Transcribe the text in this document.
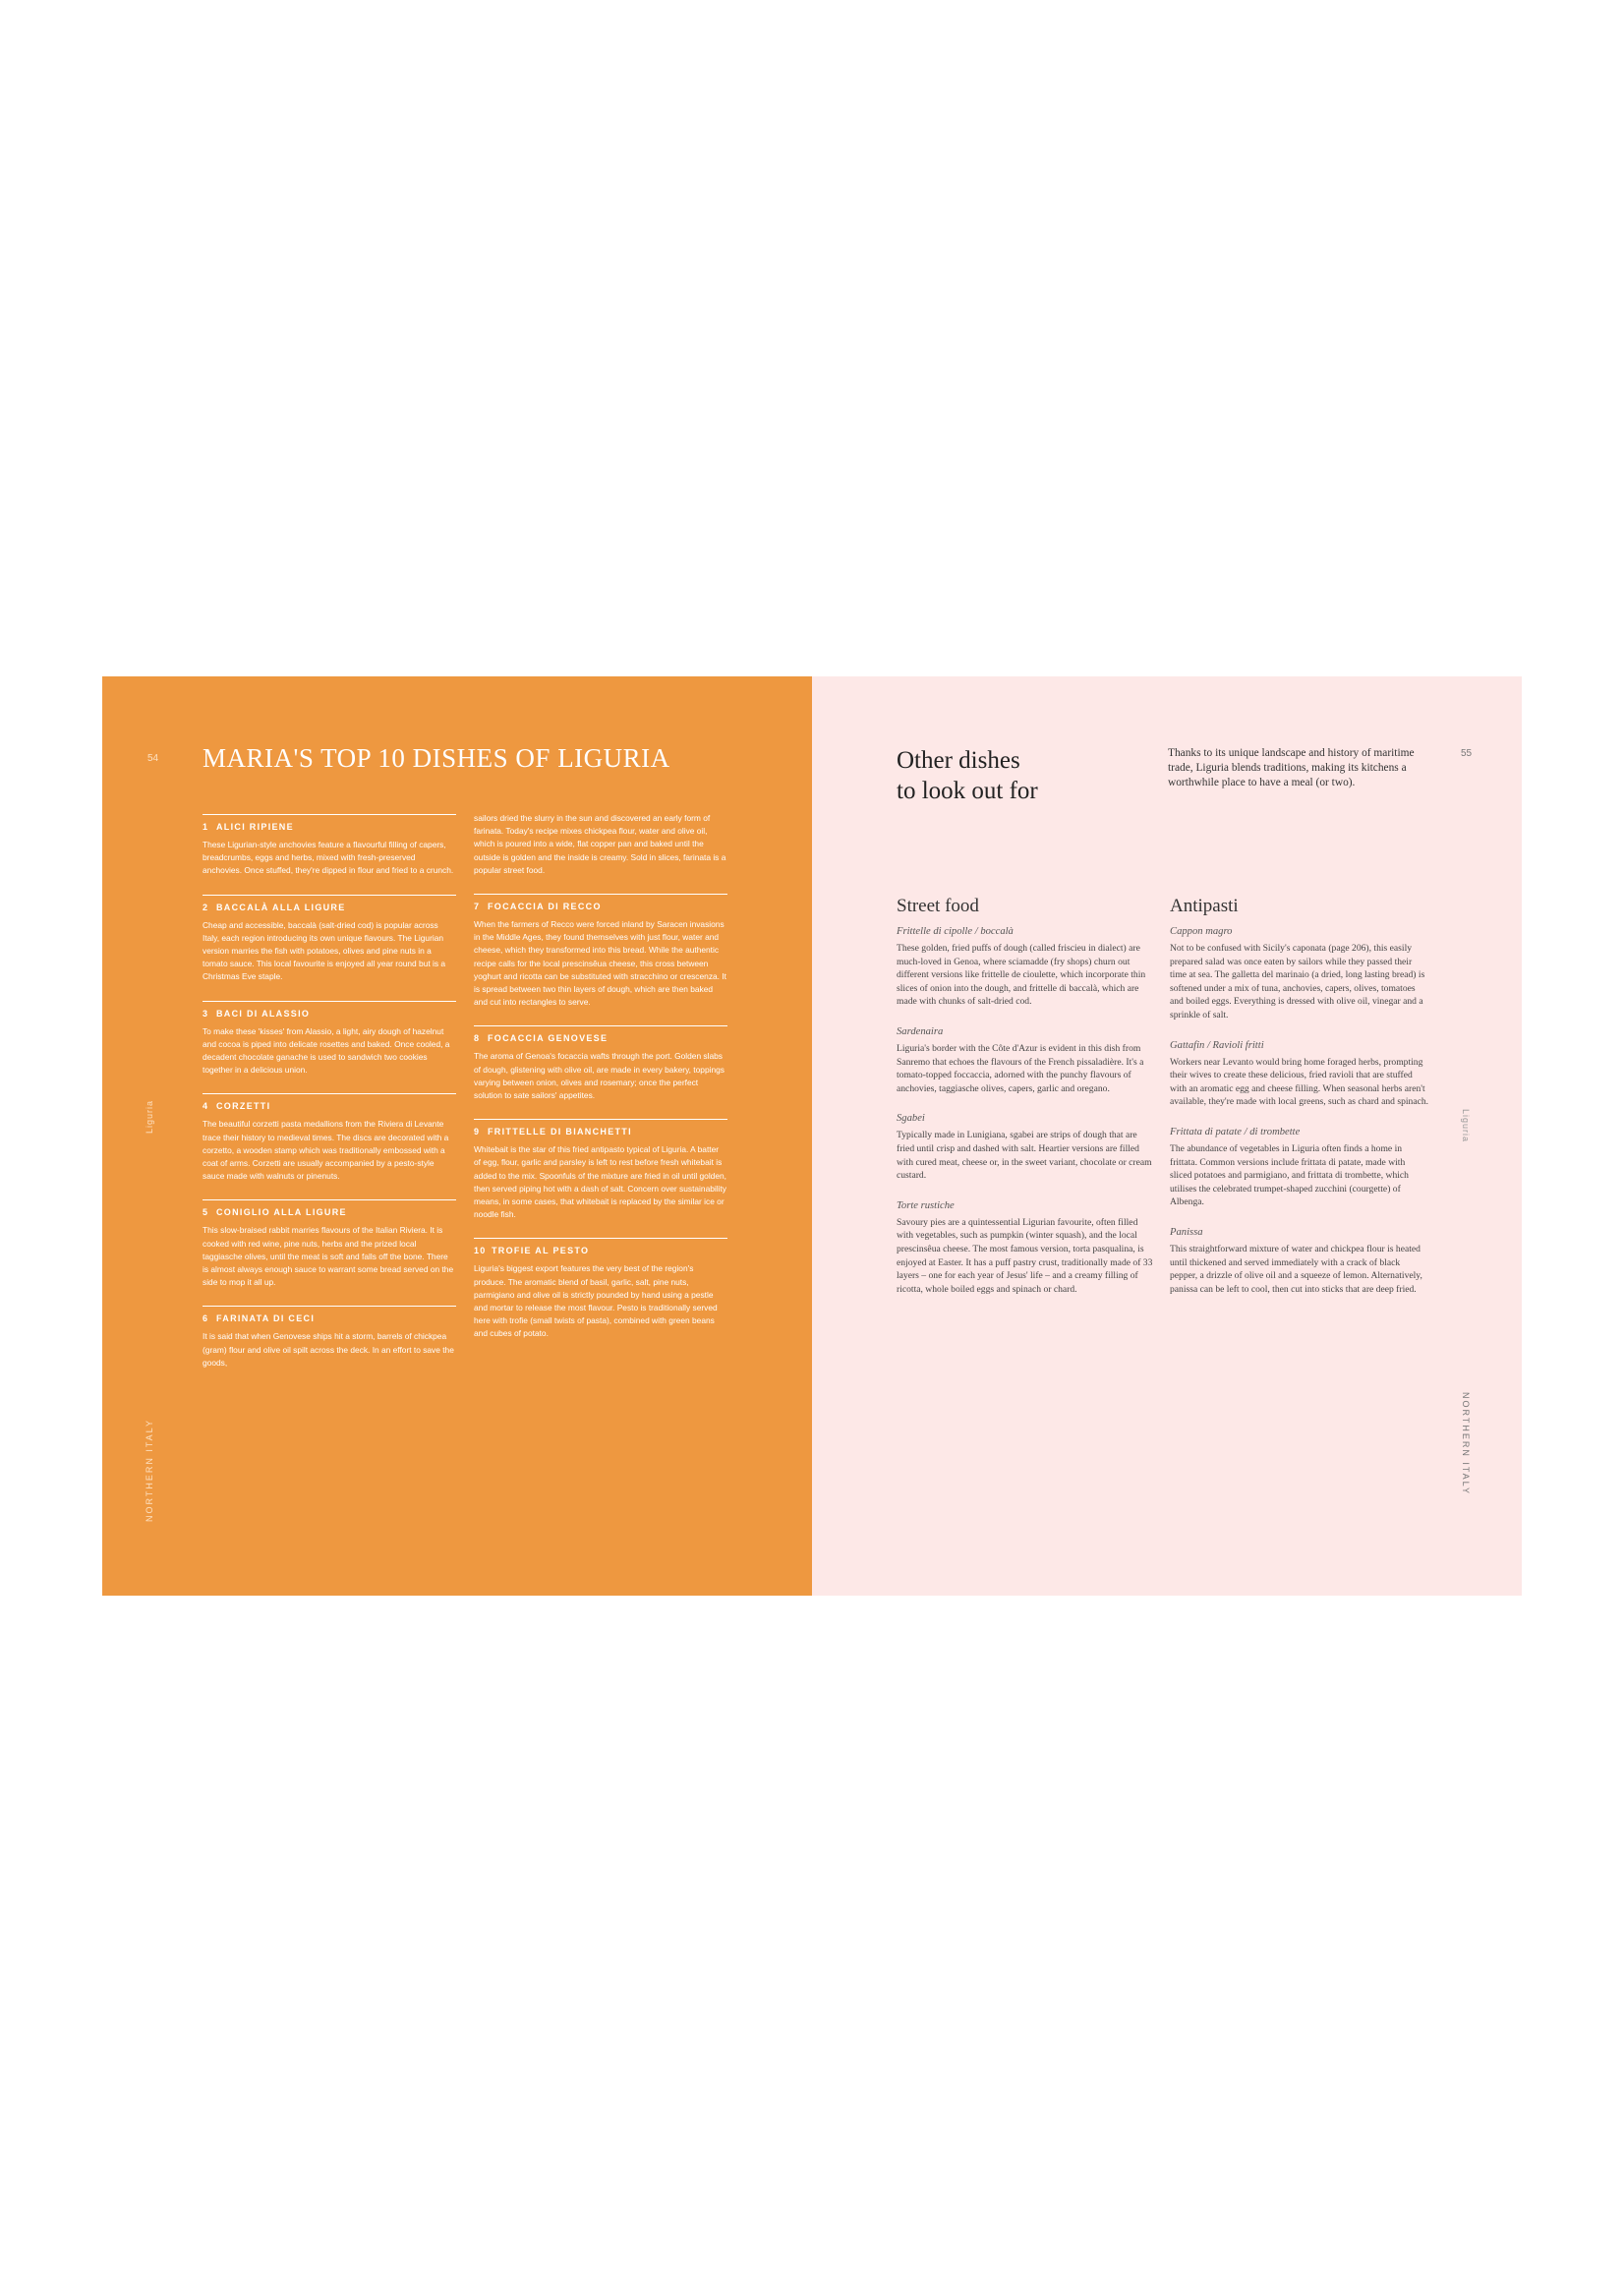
54 MARIA'S TOP 10 DISHES OF LIGURIA
Liguria
NORTHERN ITALY
1 ALICI RIPIENE
These Ligurian-style anchovies feature a flavourful filling of capers, breadcrumbs, eggs and herbs, mixed with fresh-preserved anchovies. Once stuffed, they're dipped in flour and fried to a crunch.
2 BACCALÀ ALLA LIGURE
Cheap and accessible, baccalà (salt-dried cod) is popular across Italy, each region introducing its own unique flavours. The Ligurian version marries the fish with potatoes, olives and pine nuts in a tomato sauce. This local favourite is enjoyed all year round but is a Christmas Eve staple.
3 BACI DI ALASSIO
To make these 'kisses' from Alassio, a light, airy dough of hazelnut and cocoa is piped into delicate rosettes and baked. Once cooled, a decadent chocolate ganache is used to sandwich two cookies together in a delicious union.
4 CORZETTI
The beautiful corzetti pasta medallions from the Riviera di Levante trace their history to medieval times. The discs are decorated with a corzetto, a wooden stamp which was traditionally embossed with a coat of arms. Corzetti are usually accompanied by a pesto-style sauce made with walnuts or pinenuts.
5 CONIGLIO ALLA LIGURE
This slow-braised rabbit marries flavours of the Italian Riviera. It is cooked with red wine, pine nuts, herbs and the prized local taggiasche olives, until the meat is soft and falls off the bone. There is almost always enough sauce to warrant some bread served on the side to mop it all up.
6 FARINATA DI CECI
It is said that when Genovese ships hit a storm, barrels of chickpea (gram) flour and olive oil spilt across the deck. In an effort to save the goods,
sailors dried the slurry in the sun and discovered an early form of farinata. Today's recipe mixes chickpea flour, water and olive oil, which is poured into a wide, flat copper pan and baked until the outside is golden and the inside is creamy. Sold in slices, farinata is a popular street food.
7 FOCACCIA DI RECCO
When the farmers of Recco were forced inland by Saracen invasions in the Middle Ages, they found themselves with just flour, water and cheese, which they transformed into this bread. While the authentic recipe calls for the local prescinsêua cheese, this cross between yoghurt and ricotta can be substituted with stracchino or crescenza. It is spread between two thin layers of dough, which are then baked and cut into rectangles to serve.
8 FOCACCIA GENOVESE
The aroma of Genoa's focaccia wafts through the port. Golden slabs of dough, glistening with olive oil, are made in every bakery, toppings varying between onion, olives and rosemary; once the perfect solution to sate sailors' appetites.
9 FRITTELLE DI BIANCHETTI
Whitebait is the star of this fried antipasto typical of Liguria. A batter of egg, flour, garlic and parsley is left to rest before fresh whitebait is added to the mix. Spoonfuls of the mixture are fried in oil until golden, then served piping hot with a dash of salt. Concern over sustainability means, in some cases, that whitebait is replaced by the similar ice or noodle fish.
10 TROFIE AL PESTO
Liguria's biggest export features the very best of the region's produce. The aromatic blend of basil, garlic, salt, pine nuts, parmigiano and olive oil is strictly pounded by hand using a pestle and mortar to release the most flavour. Pesto is traditionally served here with trofie (small twists of pasta), combined with green beans and cubes of potato.
Other dishes
to look out for
Thanks to its unique landscape and history of maritime trade, Liguria blends traditions, making its kitchens a worthwhile place to have a meal (or two).
55
Liguria
NORTHERN ITALY
Street food
Frittelle di cipolle / boccalà
These golden, fried puffs of dough (called friscieu in dialect) are much-loved in Genoa, where sciamadde (fry shops) churn out different versions like frittelle de cioulette, which incorporate thin slices of onion into the dough, and frittelle di baccalà, which are made with chunks of salt-dried cod.
Sardenaira
Liguria's border with the Côte d'Azur is evident in this dish from Sanremo that echoes the flavours of the French pissaladière. It's a tomato-topped foccaccia, adorned with the punchy flavours of anchovies, taggiasche olives, capers, garlic and oregano.
Sgabei
Typically made in Lunigiana, sgabei are strips of dough that are fried until crisp and dashed with salt. Heartier versions are filled with cured meat, cheese or, in the sweet variant, chocolate or cream custard.
Torte rustiche
Savoury pies are a quintessential Ligurian favourite, often filled with vegetables, such as pumpkin (winter squash), and the local prescinsêua cheese. The most famous version, torta pasqualina, is enjoyed at Easter. It has a puff pastry crust, traditionally made of 33 layers – one for each year of Jesus' life – and a creamy filling of ricotta, whole boiled eggs and spinach or chard.
Antipasti
Cappon magro
Not to be confused with Sicily's caponata (page 206), this easily prepared salad was once eaten by sailors while they passed their time at sea. The galletta del marinaio (a dried, long lasting bread) is softened under a mix of tuna, anchovies, capers, olives, tomatoes and boiled eggs. Everything is dressed with olive oil, vinegar and a sprinkle of salt.
Gattafin / Ravioli fritti
Workers near Levanto would bring home foraged herbs, prompting their wives to create these delicious, fried ravioli that are stuffed with an aromatic egg and cheese filling. When seasonal herbs aren't available, they're made with local greens, such as chard and spinach.
Frittata di patate / di trombette
The abundance of vegetables in Liguria often finds a home in frittata. Common versions include frittata di patate, made with sliced potatoes and parmigiano, and frittata di trombette, which utilises the celebrated trumpet-shaped zucchini (courgette) of Albenga.
Panissa
This straightforward mixture of water and chickpea flour is heated until thickened and served immediately with a crack of black pepper, a drizzle of olive oil and a squeeze of lemon. Alternatively, panissa can be left to cool, then cut into sticks that are deep fried.
